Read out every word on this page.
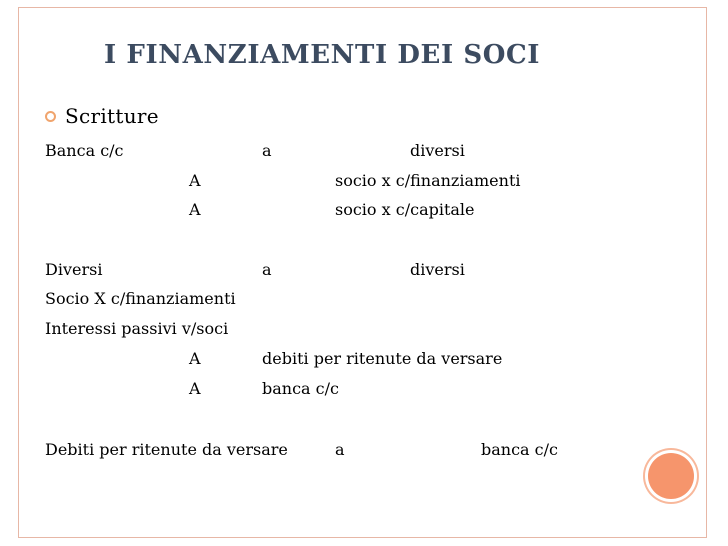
I FINANZIAMENTI DEI SOCI
Scritture
Banca c/c	a	diversi
A	socio x c/finanziamenti
A	socio x c/capitale
Diversi	a	diversi
Socio X c/finanziamenti
Interessi passivi v/soci
A	debiti per ritenute da versare
A	banca c/c
Debiti per ritenute da versare	a	banca c/c
